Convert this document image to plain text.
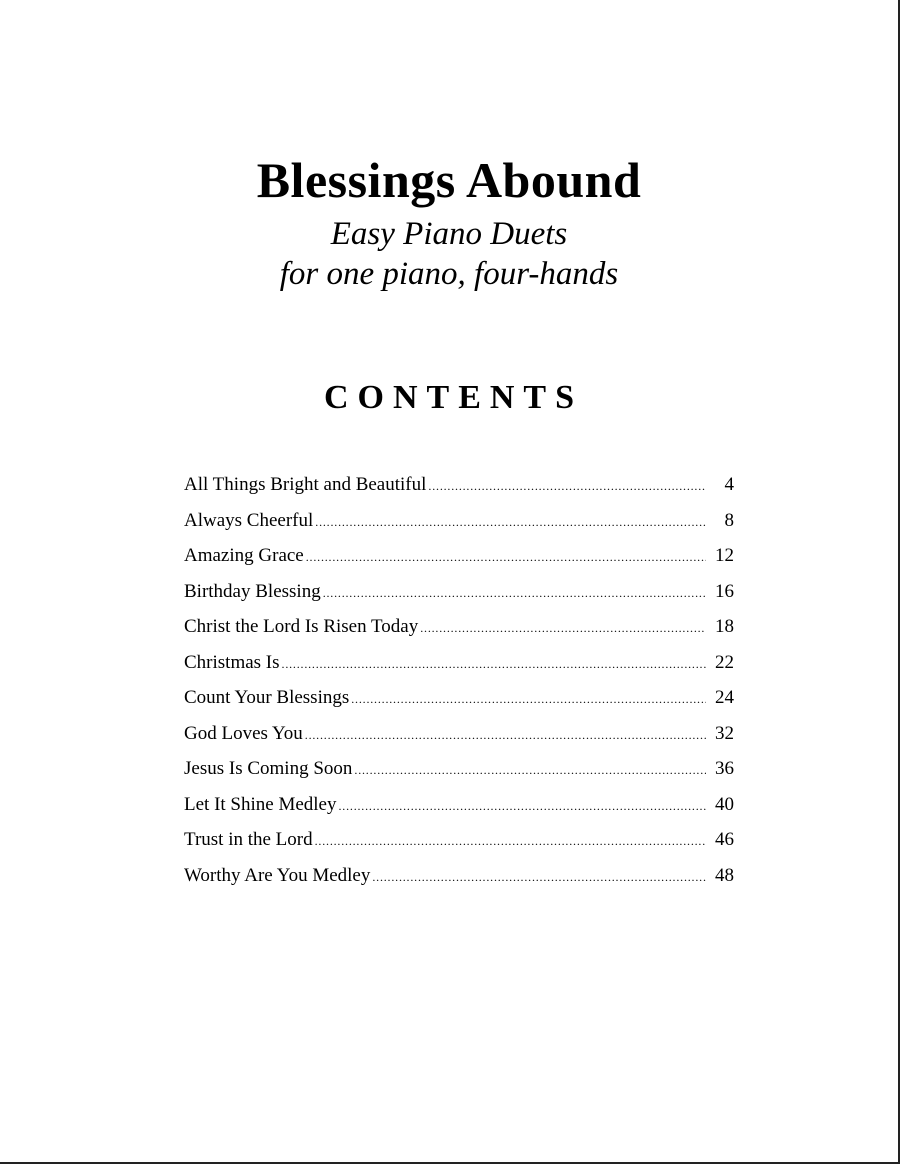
Blessings Abound
Easy Piano Duets
for one piano, four-hands
CONTENTS
All Things Bright and Beautiful .....	4
Always Cheerful .....	8
Amazing Grace .....	12
Birthday Blessing .....	16
Christ the Lord Is Risen Today .....	18
Christmas Is .....	22
Count Your Blessings .....	24
God Loves You .....	32
Jesus Is Coming Soon .....	36
Let It Shine Medley .....	40
Trust in the Lord .....	46
Worthy Are You Medley .....	48
